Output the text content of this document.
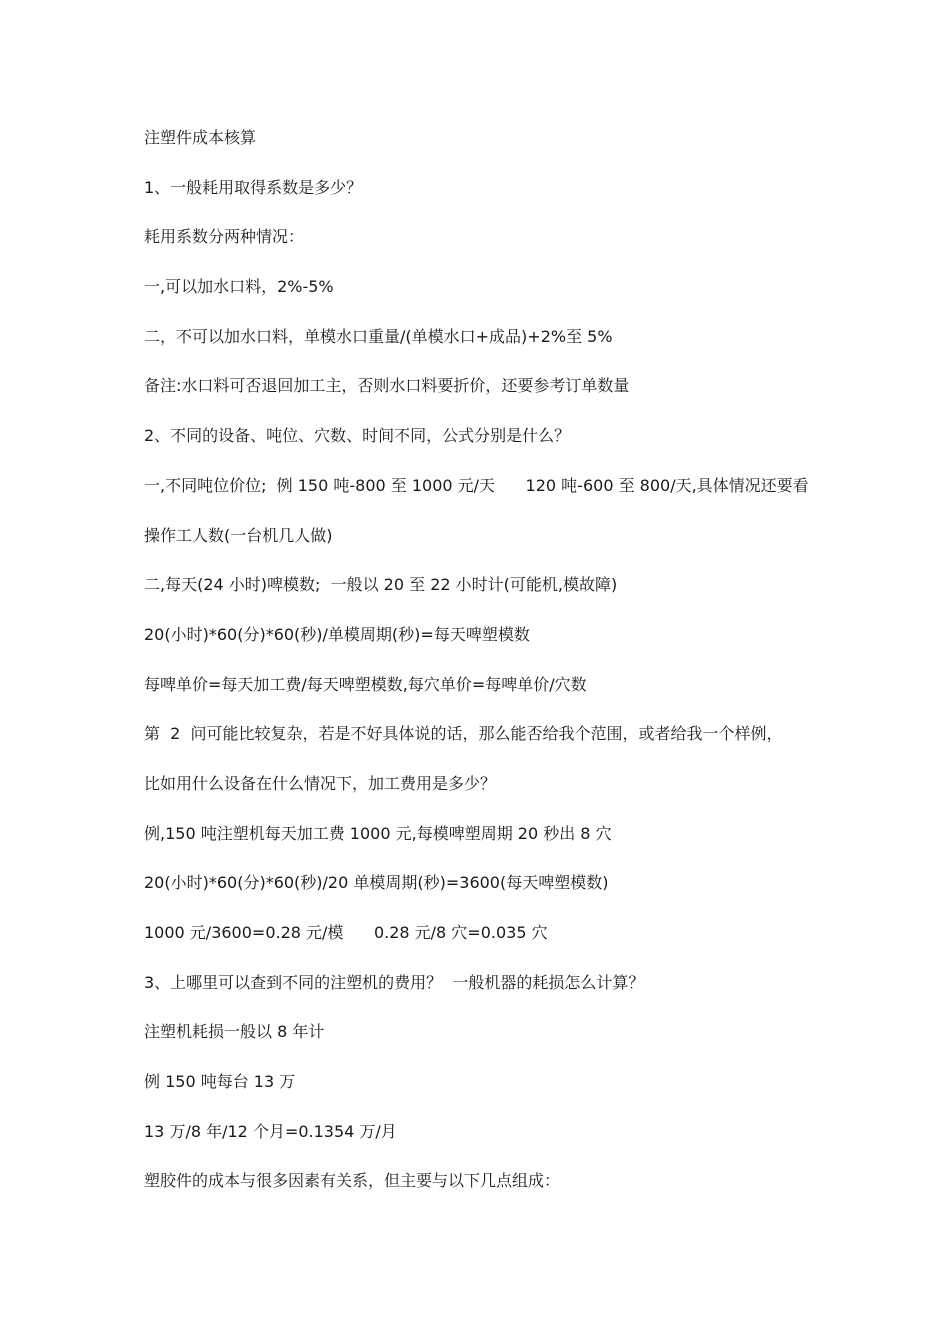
注塑件成本核算
1、一般耗用取得系数是多少？
耗用系数分两种情况：
一,可以加水口料，2%-5%
二，不可以加水口料，单模水口重量/(单模水口+成品)+2%至 5%
备注:水口料可否退回加工主，否则水口料要折价，还要参考订单数量
2、不同的设备、吨位、穴数、时间不同，公式分别是什么？
一,不同吨位价位;  例 150 吨-800 至 1000 元/天      120 吨-600 至 800/天,具体情况还要看
操作工人数(一台机几人做)
二,每天(24 小时)啤模数;  一般以 20 至 22 小时计(可能机,模故障)
20(小时)*60(分)*60(秒)/单模周期(秒)=每天啤塑模数
每啤单价=每天加工费/每天啤塑模数,每穴单价=每啤单价/穴数
第  2  问可能比较复杂，若是不好具体说的话，那么能否给我个范围，或者给我一个样例，
比如用什么设备在什么情况下，加工费用是多少？
例,150 吨注塑机每天加工费 1000 元,每模啤塑周期 20 秒出 8 穴
20(小时)*60(分)*60(秒)/20 单模周期(秒)=3600(每天啤塑模数)
1000 元/3600=0.28 元/模      0.28 元/8 穴=0.035 穴
3、上哪里可以查到不同的注塑机的费用？  一般机器的耗损怎么计算？
注塑机耗损一般以 8 年计
例 150 吨每台 13 万
13 万/8 年/12 个月=0.1354 万/月
塑胶件的成本与很多因素有关系，但主要与以下几点组成：
